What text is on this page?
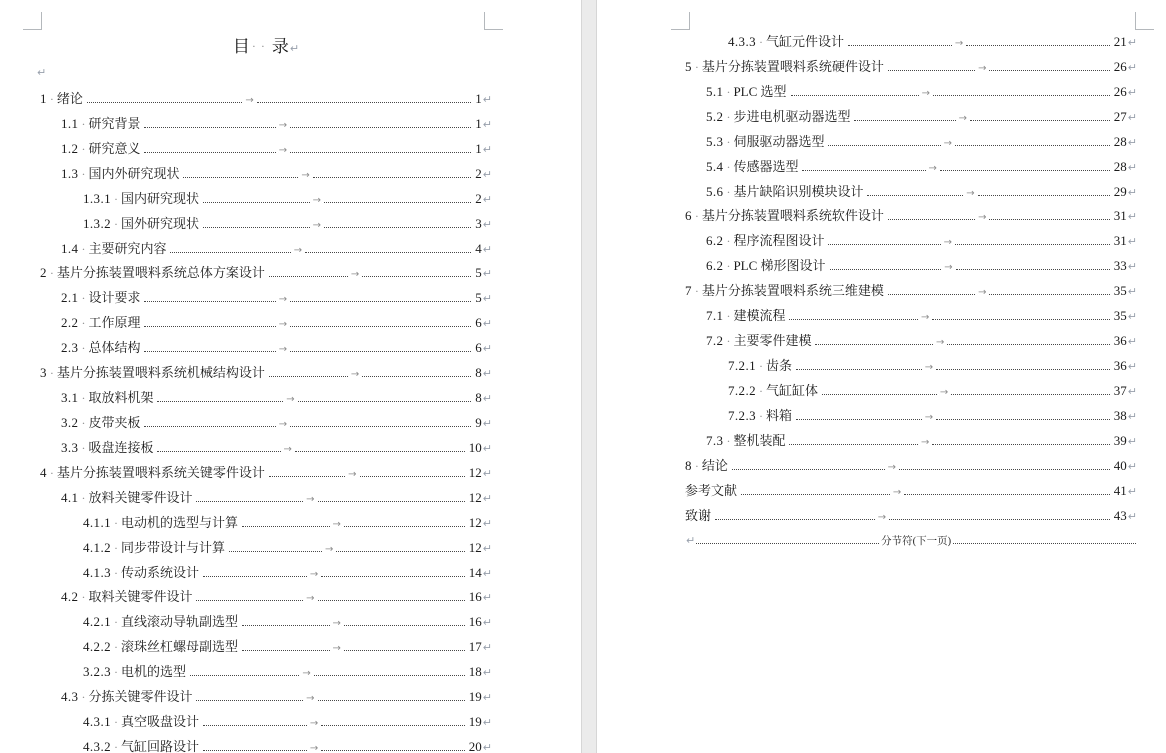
目 ·· 录↵
↵
1 · 绪论	→	1 ↵
1.1 · 研究背景	→	1 ↵
1.2 · 研究意义	→	1 ↵
1.3 · 国内外研究现状	→	2 ↵
1.3.1 · 国内研究现状	→	2 ↵
1.3.2 · 国外研究现状	→	3 ↵
1.4 · 主要研究内容	→	4 ↵
2 · 基片分拣装置喂料系统总体方案设计	→	5 ↵
2.1 · 设计要求	→	5 ↵
2.2 · 工作原理	→	6 ↵
2.3 · 总体结构	→	6 ↵
3 · 基片分拣装置喂料系统机械结构设计	→	8 ↵
3.1 · 取放料机架	→	8 ↵
3.2 · 皮带夹板	→	9 ↵
3.3 · 吸盘连接板	→	10 ↵
4 · 基片分拣装置喂料系统关键零件设计	→	12 ↵
4.1 · 放料关键零件设计	→	12 ↵
4.1.1 · 电动机的选型与计算	→	12 ↵
4.1.2 · 同步带设计与计算	→	12 ↵
4.1.3 · 传动系统设计	→	14 ↵
4.2 · 取料关键零件设计	→	16 ↵
4.2.1 · 直线滚动导轨副选型	→	16 ↵
4.2.2 · 滚珠丝杠螺母副选型	→	17 ↵
3.2.3 · 电机的选型	→	18 ↵
4.3 · 分拣关键零件设计	→	19 ↵
4.3.1 · 真空吸盘设计	→	19 ↵
4.3.2 · 气缸回路设计	→	20 ↵
4.3.3 · 气缸元件设计	→	21 ↵
5 · 基片分拣装置喂料系统硬件设计	→	26 ↵
5.1 · PLC 选型	→	26 ↵
5.2 · 步进电机驱动器选型	→	27 ↵
5.3 · 伺服驱动器选型	→	28 ↵
5.4 · 传感器选型	→	28 ↵
5.6 · 基片缺陷识别模块设计	→	29 ↵
6 · 基片分拣装置喂料系统软件设计	→	31 ↵
6.2 · 程序流程图设计	→	31 ↵
6.2 · PLC 梯形图设计	→	33 ↵
7 · 基片分拣装置喂料系统三维建模	→	35 ↵
7.1 · 建模流程	→	35 ↵
7.2 · 主要零件建模	→	36 ↵
7.2.1 · 齿条	→	36 ↵
7.2.2 · 气缸缸体	→	37 ↵
7.2.3 · 料箱	→	38 ↵
7.3 · 整机装配	→	39 ↵
8 · 结论	→	40 ↵
参考文献	→	41 ↵
致谢	→	43 ↵
↵	分节符(下一页)
